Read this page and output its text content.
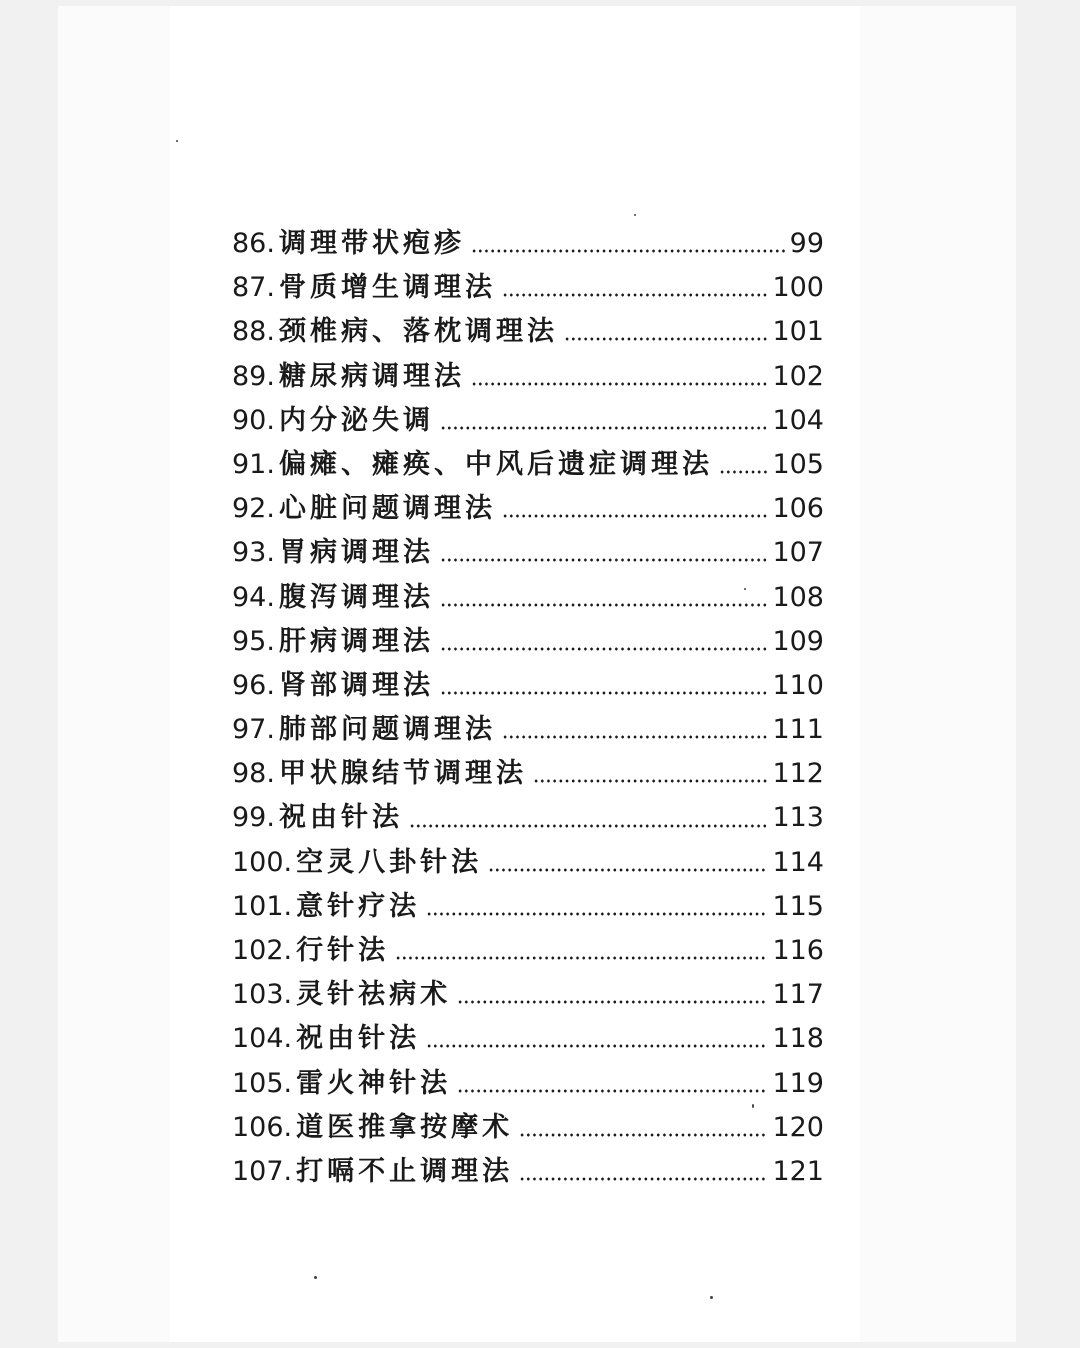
86. 调理带状疱疹	99
87. 骨质增生调理法	100
88. 颈椎病、落枕调理法	101
89. 糖尿病调理法	102
90. 内分泌失调	104
91. 偏瘫、瘫痪、中风后遗症调理法 105
92. 心脏问题调理法	106
93. 胃病调理法	107
94. 腹泻调理法	108
95. 肝病调理法	109
96. 肾部调理法	110
97. 肺部问题调理法	111
98. 甲状腺结节调理法	112
99. 祝由针法	113
100. 空灵八卦针法	114
101. 意针疗法	115
102. 行针法	116
103. 灵针祛病术	117
104. 祝由针法	118
105. 雷火神针法	119
106. 道医推拿按摩术	120
107. 打嗝不止调理法	121
